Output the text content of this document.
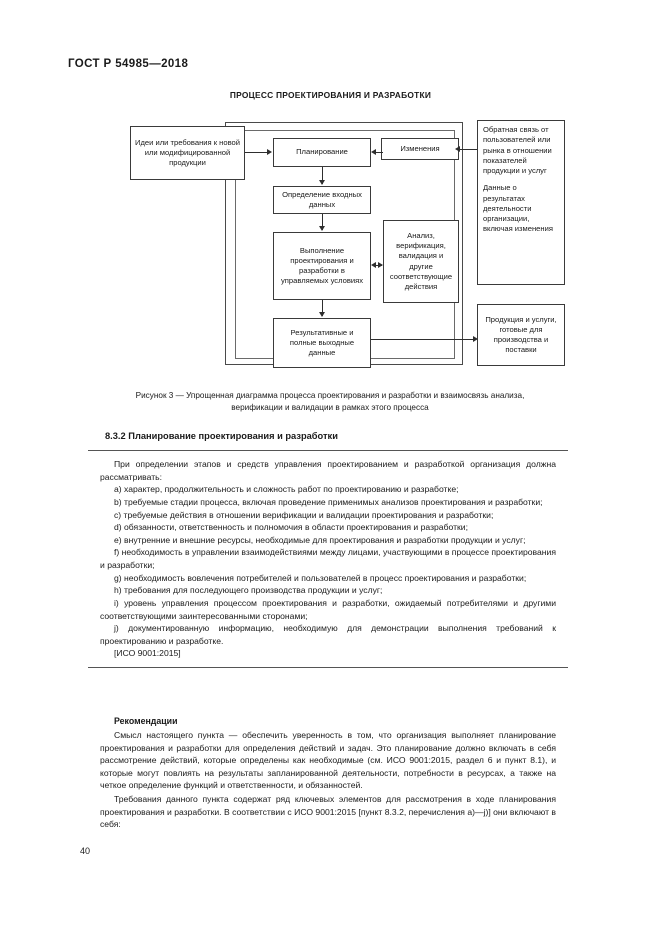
ГОСТ Р 54985—2018
ПРОЦЕСС ПРОЕКТИРОВАНИЯ И РАЗРАБОТКИ
Идеи или требования к новой или модифицированной продукции
Планирование	Изменения
Определение входных данных
Выполнение проектирования и разработки в управляемых условиях
Анализ, верификация, валидация и другие соответствующие действия
Результативные и полные выходные данные

Обратная связь от пользователей или рынка в отношении показателей продукции и услуг

Данные о результатах деятельности организации, включая изменения

Продукция и услуги, готовые для производства и поставки
Рисунок 3 — Упрощенная диаграмма процесса проектирования и разработки и взаимосвязь анализа,
верификации и валидации в рамках этого процесса
8.3.2 Планирование проектирования и разработки

При определении этапов и средств управления проектированием и разработкой организация должна рассматривать:

a) характер, продолжительность и сложность работ по проектированию и разработке;

b) требуемые стадии процесса, включая проведение применимых анализов проектирования и разработки;

c) требуемые действия в отношении верификации и валидации проектирования и разработки;

d) обязанности, ответственность и полномочия в области проектирования и разработки;

e) внутренние и внешние ресурсы, необходимые для проектирования и разработки продукции и услуг;

f) необходимость в управлении взаимодействиями между лицами, участвующими в процессе проектирования и разработки;

g) необходимость вовлечения потребителей и пользователей в процесс проектирования и разработки;

h) требования для последующего производства продукции и услуг;

i) уровень управления процессом проектирования и разработки, ожидаемый потребителями и другими соответствующими заинтересованными сторонами;

j) документированную информацию, необходимую для демонстрации выполнения требований к проектированию и разработке.

[ИСО 9001:2015]

Рекомендации

Смысл настоящего пункта — обеспечить уверенность в том, что организация выполняет планирование проектирования и разработки для определения действий и задач. Это планирование должно включать в себя рассмотрение действий, которые определены как необходимые (см. ИСО 9001:2015, раздел 6 и пункт 8.1), и которые могут повлиять на результаты запланированной деятельности, потребности в ресурсах, а также на четкое определение функций и ответственности, и обязанностей.

Требования данного пункта содержат ряд ключевых элементов для рассмотрения в ходе планирования проектирования и разработки. В соответствии с ИСО 9001:2015 [пункт 8.3.2, перечисления a)—j)] они включают в себя:

40
